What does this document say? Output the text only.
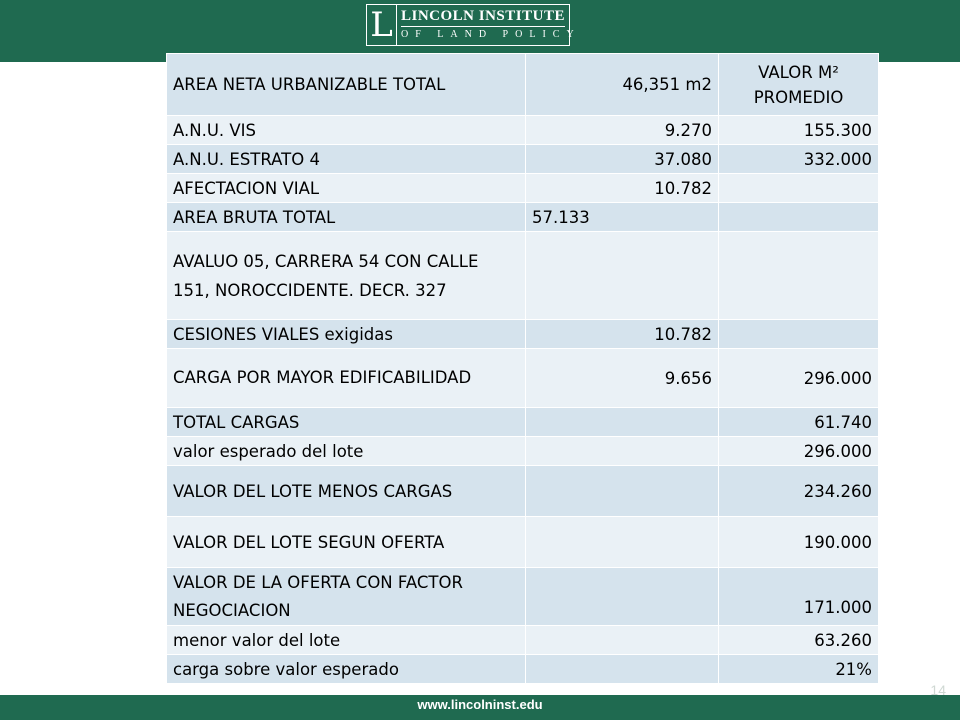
L LINCOLN INSTITUTE
OF LAND POLICY
AREA NETA URBANIZABLE TOTAL	46,351 m2	VALOR M² PROMEDIO
A.N.U. VIS	9.270	155.300
A.N.U. ESTRATO 4	37.080	332.000
AFECTACION VIAL	10.782	
AREA BRUTA TOTAL	57.133	
AVALUO 05, CARRERA 54 CON CALLE 151, NOROCCIDENTE. DECR. 327		
CESIONES VIALES exigidas	10.782	
CARGA POR MAYOR EDIFICABILIDAD	9.656	296.000
TOTAL CARGAS		61.740
valor esperado del lote		296.000
VALOR DEL LOTE MENOS CARGAS		234.260
VALOR DEL LOTE SEGUN OFERTA		190.000
VALOR DE LA OFERTA CON FACTOR NEGOCIACION		171.000
menor valor del lote		63.260
carga sobre valor esperado		21%
14
www.lincolninst.edu
